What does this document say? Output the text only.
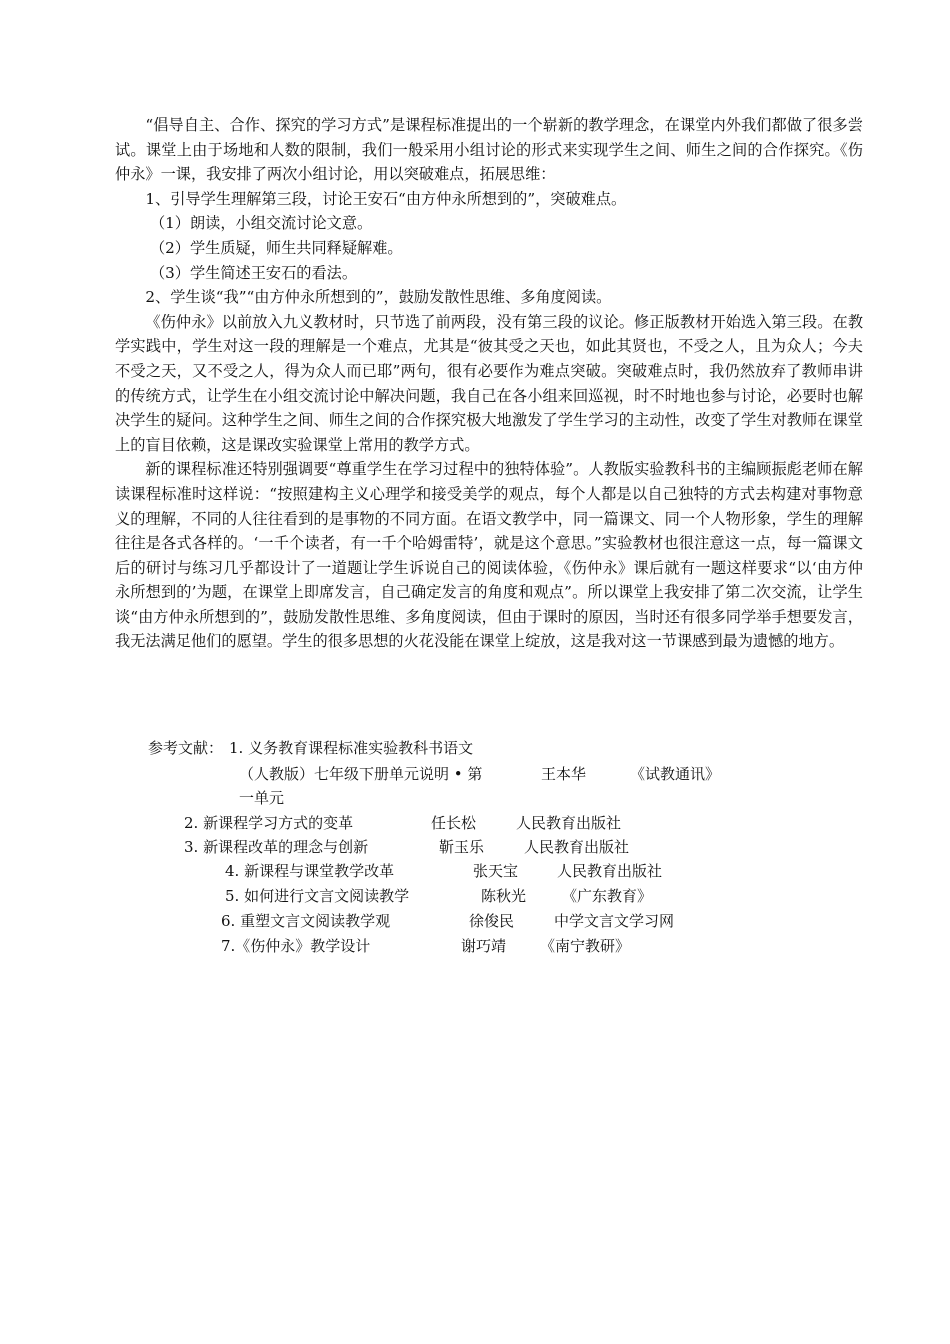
“倡导自主、合作、探究的学习方式”是课程标准提出的一个崭新的教学理念，在课堂内外我们都做了很多尝试。课堂上由于场地和人数的限制，我们一般采用小组讨论的形式来实现学生之间、师生之间的合作探究。《伤仲永》一课，我安排了两次小组讨论，用以突破难点，拓展思维：

1、引导学生理解第三段，讨论王安石“由方仲永所想到的”，突破难点。

（1）朗读，小组交流讨论文意。

（2）学生质疑，师生共同释疑解难。

（3）学生简述王安石的看法。

2、学生谈“我”“由方仲永所想到的”，鼓励发散性思维、多角度阅读。

《伤仲永》以前放入九义教材时，只节选了前两段，没有第三段的议论。修正版教材开始选入第三段。在教学实践中，学生对这一段的理解是一个难点，尤其是“彼其受之天也，如此其贤也，不受之人，且为众人；今夫不受之天，又不受之人，得为众人而已耶”两句，很有必要作为难点突破。突破难点时，我仍然放弃了教师串讲的传统方式，让学生在小组交流讨论中解决问题，我自己在各小组来回巡视，时不时地也参与讨论，必要时也解决学生的疑问。这种学生之间、师生之间的合作探究极大地激发了学生学习的主动性，改变了学生对教师在课堂上的盲目依赖，这是课改实验课堂上常用的教学方式。

新的课程标准还特别强调要“尊重学生在学习过程中的独特体验”。人教版实验教科书的主编顾振彪老师在解读课程标准时这样说：“按照建构主义心理学和接受美学的观点，每个人都是以自己独特的方式去构建对事物意义的理解，不同的人往往看到的是事物的不同方面。在语文教学中，同一篇课文、同一个人物形象，学生的理解往往是各式各样的。‘一千个读者，有一千个哈姆雷特’，就是这个意思。”实验教材也很注意这一点，每一篇课文后的研讨与练习几乎都设计了一道题让学生诉说自己的阅读体验，《伤仲永》课后就有一题这样要求“以‘由方仲永所想到的’为题，在课堂上即席发言，自己确定发言的角度和观点”。所以课堂上我安排了第二次交流，让学生谈“由方仲永所想到的”，鼓励发散性思维、多角度阅读，但由于课时的原因，当时还有很多同学举手想要发言，我无法满足他们的愿望。学生的很多思想的火花没能在课堂上绽放，这是我对这一节课感到最为遗憾的地方。

参考文献： 1. 义务教育课程标准实验教科书语文
（人教版）七年级下册单元说明 • 第	王本华	《试教通讯》
一单元
2. 新课程学习方式的变革	任长松	人民教育出版社
3. 新课程改革的理念与创新	靳玉乐	人民教育出版社
4. 新课程与课堂教学改革	张天宝	人民教育出版社
5. 如何进行文言文阅读教学	陈秋光 《广东教育》
6. 重塑文言文阅读教学观	徐俊民	中学文言文学习网
7.《伤仲永》教学设计	谢巧靖 《南宁教研》
